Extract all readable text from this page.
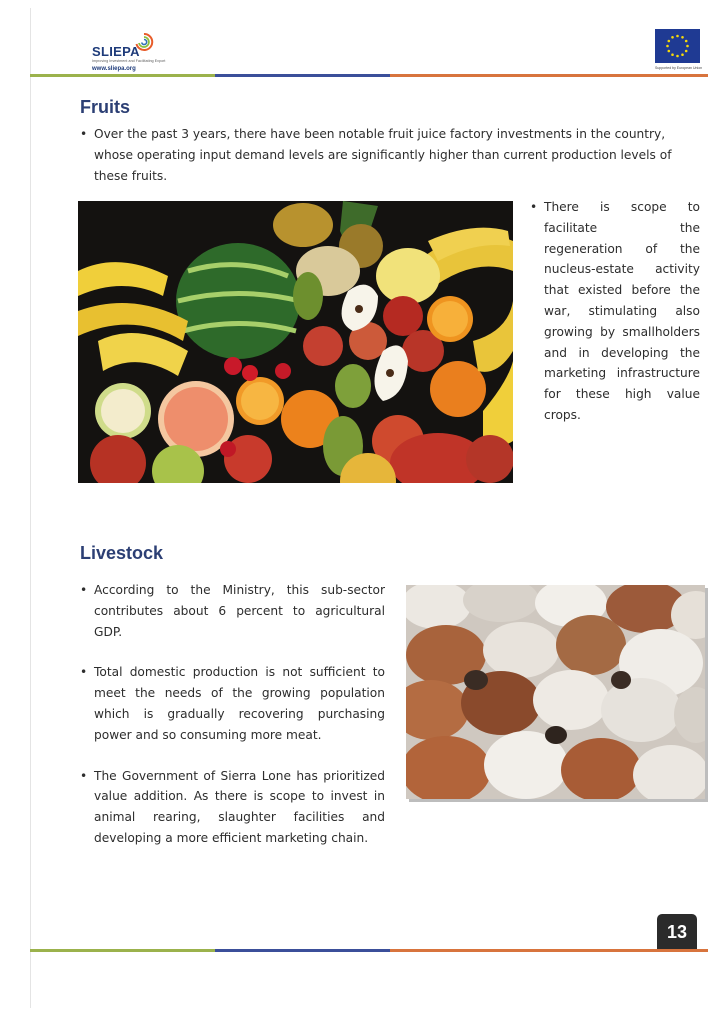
SLIEPA
Improving Investment and Facilitating Export
www.sliepa.org	Supported by European Union
Fruits
• Over the past 3 years, there have been notable fruit juice factory investments in the country, whose operating input demand levels are significantly higher than current production levels of these fruits.
• There is scope to facilitate the regeneration of the nucleus-estate activity that existed before the war, stimulating also growing by smallholders and in developing the marketing infrastructure for these high value crops.
Livestock
• According to the Ministry, this sub-sector contributes about 6 percent to agricultural GDP.
• Total domestic production is not sufficient to meet the needs of the growing population which is gradually recovering purchasing power and so consuming more meat.
• The Government of Sierra Lone has prioritized value addition. As there is scope to invest in animal rearing, slaughter facilities and developing a more efficient marketing chain.
13
